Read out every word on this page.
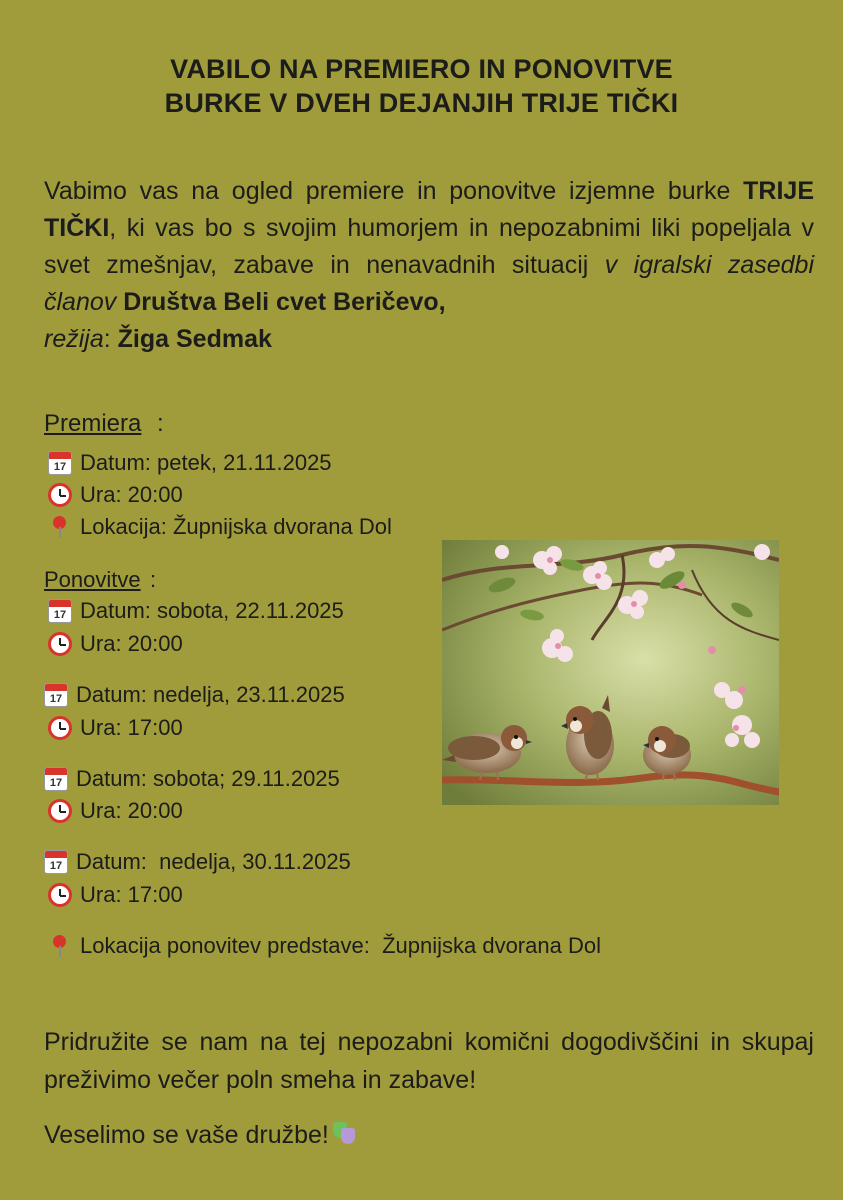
VABILO NA PREMIERO IN PONOVITVE
BURKE V DVEH DEJANJIH TRIJE TIČKI
Vabimo vas na ogled premiere in ponovitve izjemne burke TRIJE TIČKI, ki vas bo s svojim humorjem in nepozabnimi liki popeljala v svet zmešnjav, zabave in nenavadnih situacij v igralski zasedbi članov Društva Beli cvet Beričevo,
režija: Žiga Sedmak
Premiera :
17
Datum: petek, 21.11.2025
Ura: 20:00
Lokacija: Župnijska dvorana Dol
Ponovitve :
17
Datum: sobota, 22.11.2025
Ura: 20:00
17
Datum: nedelja, 23.11.2025
Ura: 17:00
17
Datum: sobota; 29.11.2025
Ura: 20:00
17
Datum:  nedelja, 30.11.2025
Ura: 17:00
Lokacija ponovitev predstave:  Župnijska dvorana Dol
Pridružite se nam na tej nepozabni komični dogodivščini in skupaj preživimo večer poln smeha in zabave!
Veselimo se vaše družbe!
